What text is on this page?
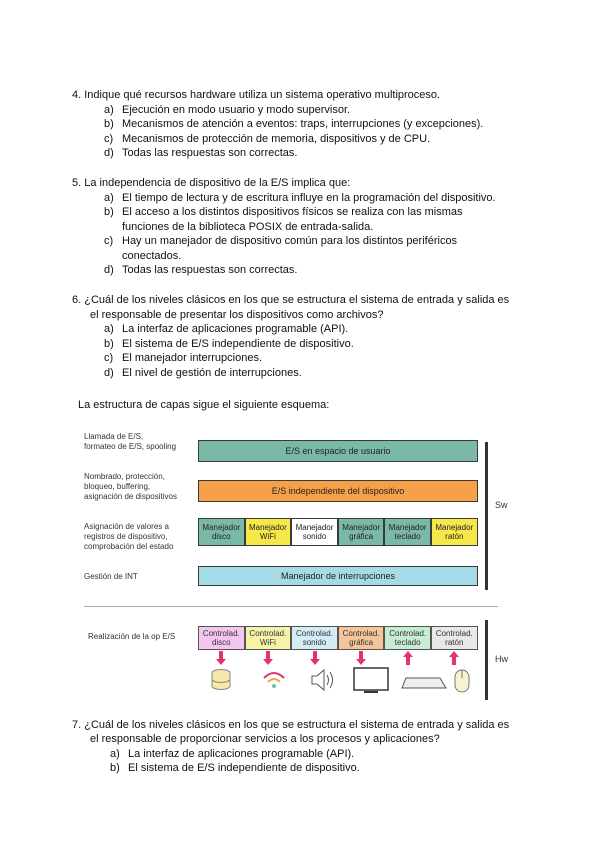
4. Indique qué recursos hardware utiliza un sistema operativo multiproceso.
a) Ejecución en modo usuario y modo supervisor.
b) Mecanismos de atención a eventos: traps, interrupciones (y excepciones).
c) Mecanismos de protección de memoria, dispositivos y de CPU.
d) Todas las respuestas son correctas.
5. La independencia de dispositivo de la E/S implica que:
a) El tiempo de lectura y de escritura influye en la programación del dispositivo.
b) El acceso a los distintos dispositivos físicos se realiza con las mismas
funciones de la biblioteca POSIX de entrada-salida.
c) Hay un manejador de dispositivo común para los distintos periféricos
conectados.
d) Todas las respuestas son correctas.
6. ¿Cuál de los niveles clásicos en los que se estructura el sistema de entrada y salida es
el responsable de presentar los dispositivos como archivos?
a) La interfaz de aplicaciones programable (API).
b) El sistema de E/S independiente de dispositivo.
c) El manejador interrupciones.
d) El nivel de gestión de interrupciones.
La estructura de capas sigue el siguiente esquema:
Llamada de E/S,
formateo de E/S, spooling
Nombrado, protección,
bloqueo, buffering,
asignación de dispositivos
Asignación de valores a
registros de dispositivo,
comprobación del estado
Gestión de INT
Realización de la op E/S
E/S en espacio de usuario
E/S independiente del dispositivo
Manejador de interrupciones
Sw
Hw
Manejador
disco
Manejador
WiFi
Manejador
sonido
Manejador
gráfica
Manejador
teclado
Manejador
ratón
Controlad.
disco
Controlad.
WiFi
Controlad.
sonido
Controlad.
gráfica
Controlad.
teclado
Controlad.
ratón
7. ¿Cuál de los niveles clásicos en los que se estructura el sistema de entrada y salida es
el responsable de proporcionar servicios a los procesos y aplicaciones?
a) La interfaz de aplicaciones programable (API).
b) El sistema de E/S independiente de dispositivo.
